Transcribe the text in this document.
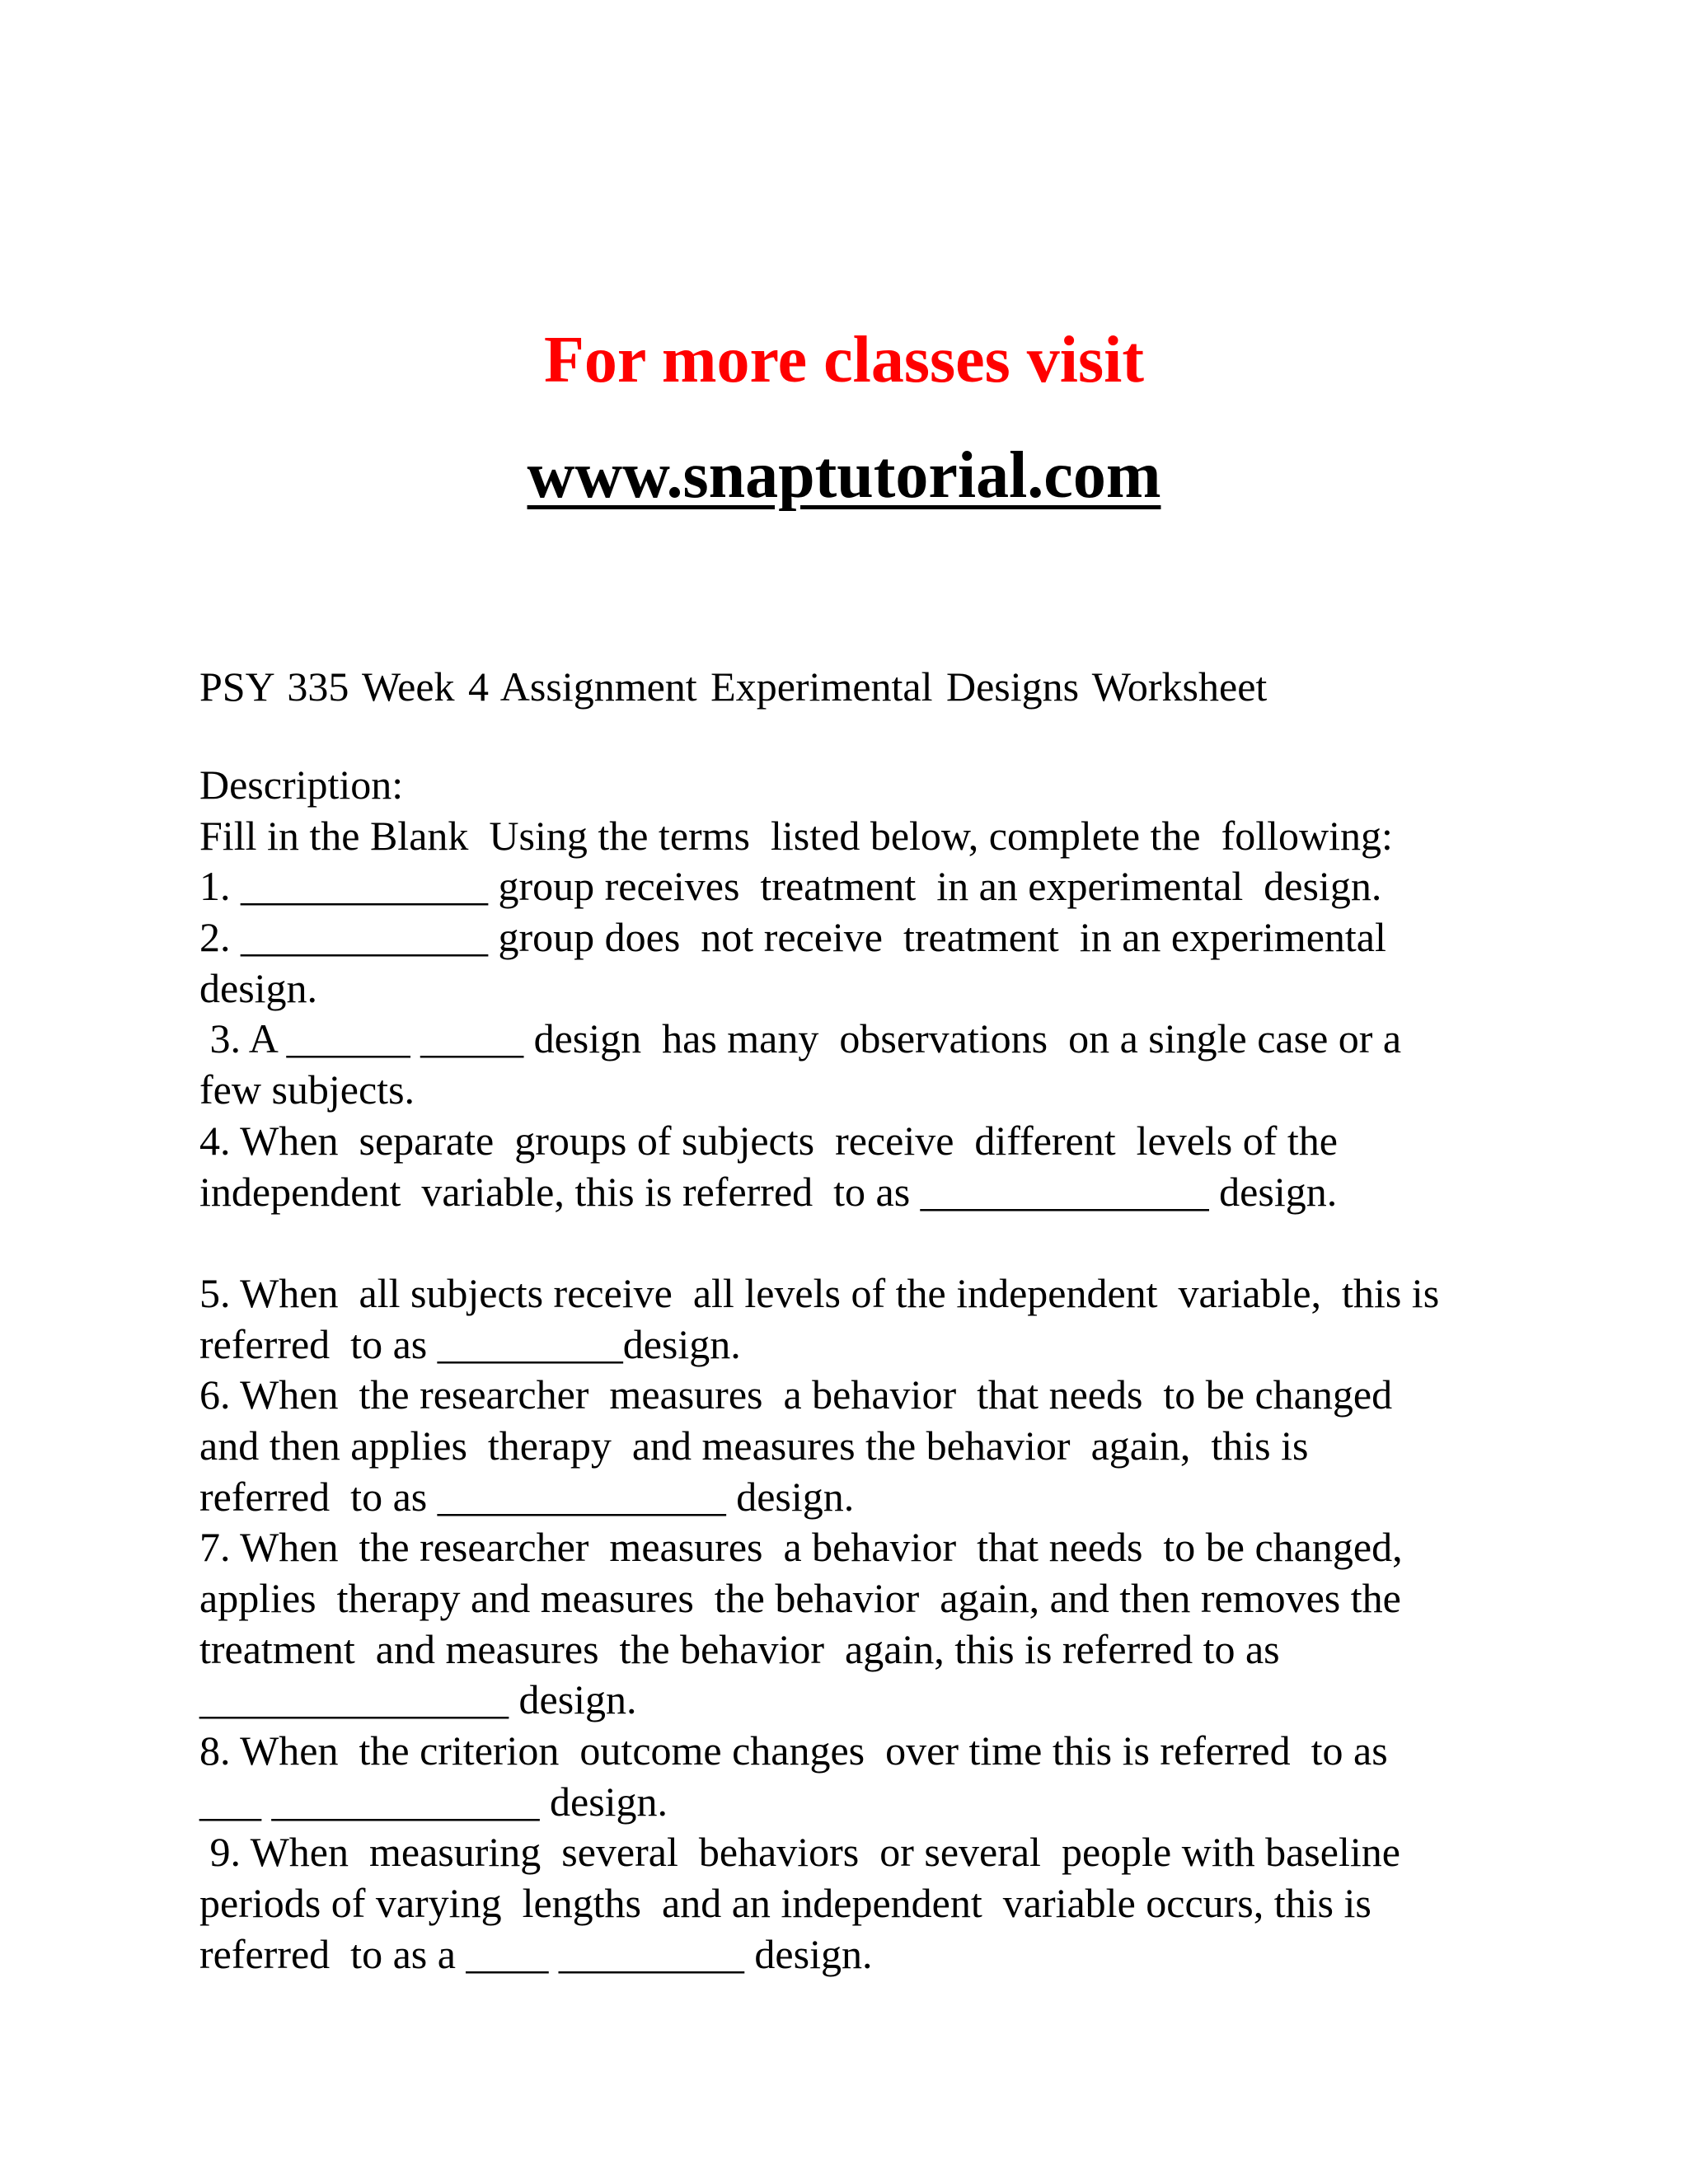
For more classes visit
www.snaptutorial.com
PSY 335 Week 4 Assignment Experimental Designs Worksheet
Description:
Fill in the Blank  Using the terms  listed below, complete the  following:
1. ____________ group receives  treatment  in an experimental  design.
2. ____________ group does  not receive  treatment  in an experimental
design.
3. A ______ _____ design  has many  observations  on a single case or a
few subjects.
4. When  separate  groups of subjects  receive  different  levels of the
independent  variable, this is referred  to as ______________ design.
5. When  all subjects receive  all levels of the independent  variable,  this is
referred  to as _________design.
6. When  the researcher  measures  a behavior  that needs  to be changed
and then applies  therapy  and measures the behavior  again,  this is
referred  to as ______________ design.
7. When  the researcher  measures  a behavior  that needs  to be changed,
applies  therapy and measures  the behavior  again, and then removes the
treatment  and measures  the behavior  again, this is referred to as
_______________ design.
8. When  the criterion  outcome changes  over time this is referred  to as
___ _____________ design.
9. When  measuring  several  behaviors  or several  people with baseline
periods of varying  lengths  and an independent  variable occurs, this is
referred  to as a ____ _________ design.
